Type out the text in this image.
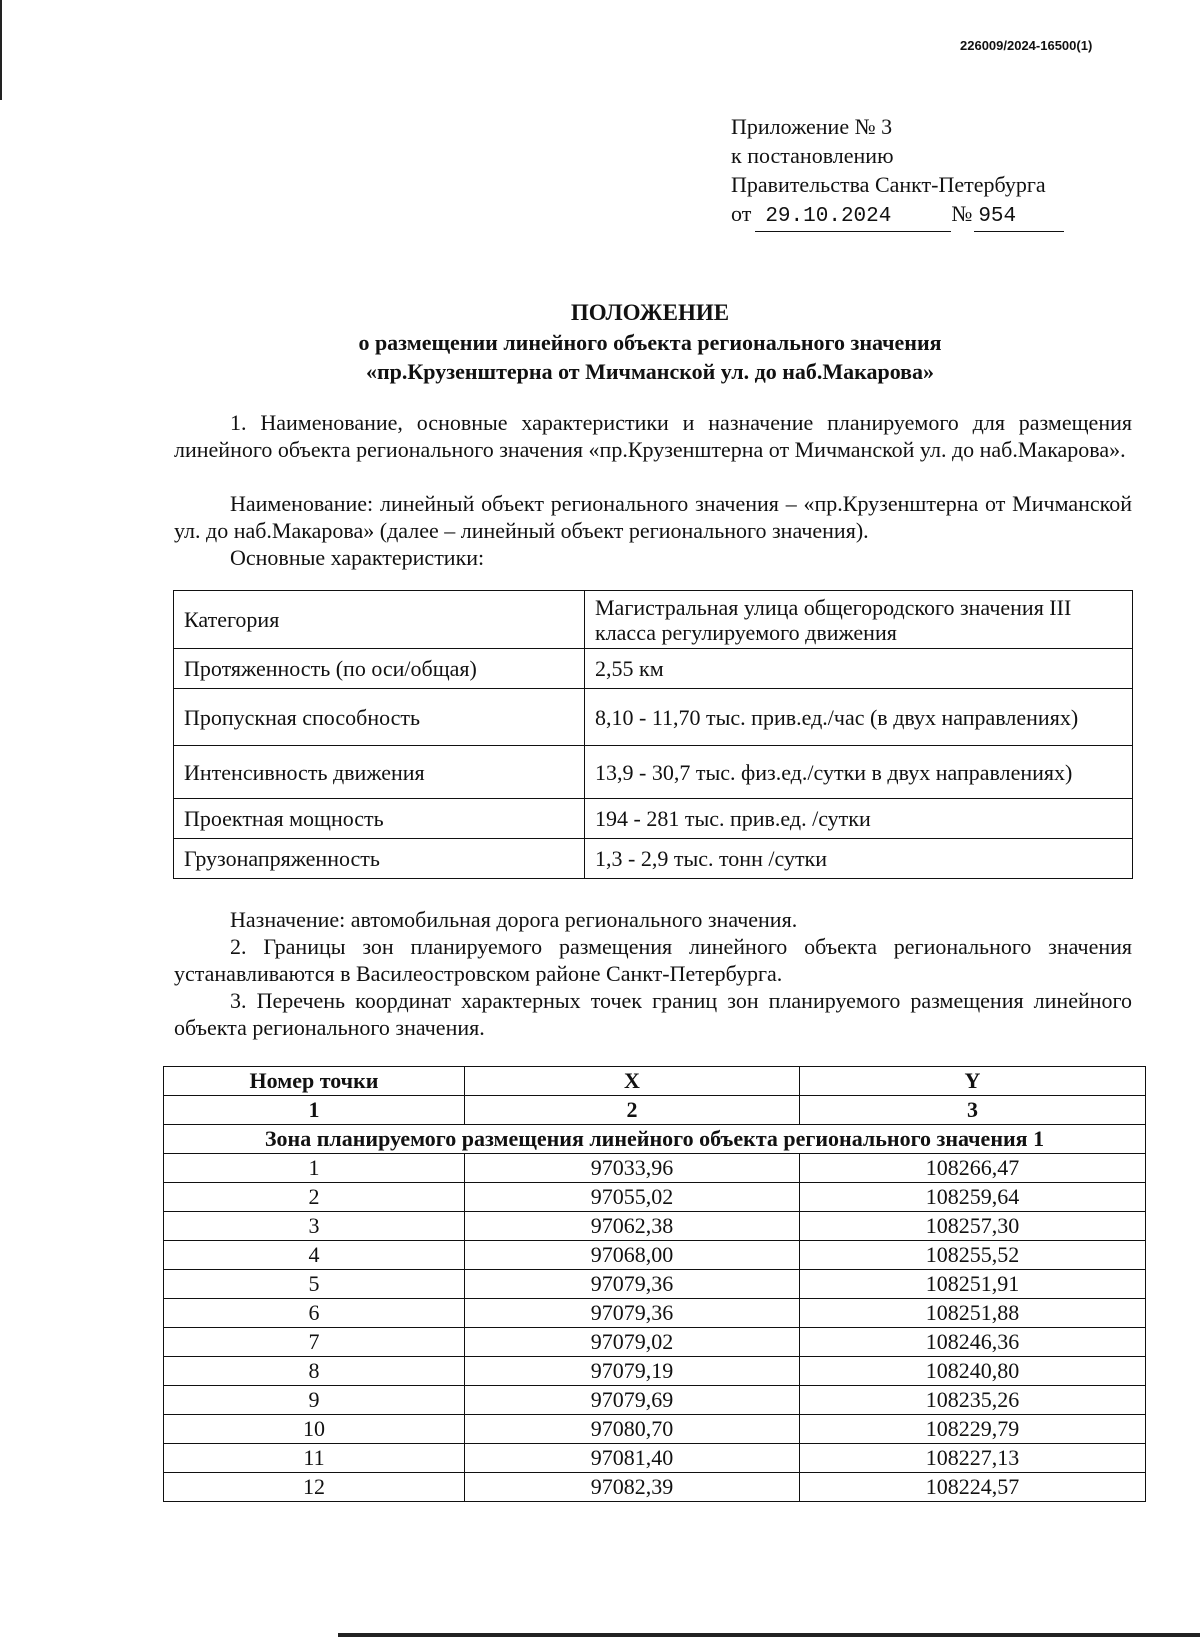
226009/2024-16500(1)
Приложение № 3
к постановлению
Правительства Санкт-Петербурга
от 29.10.2024	№ 954
ПОЛОЖЕНИЕ
о размещении линейного объекта регионального значения
«пр.Крузенштерна от Мичманской ул. до наб.Макарова»
1. Наименование, основные характеристики и назначение планируемого для размещения линейного объекта регионального значения «пр.Крузенштерна от Мичманской ул. до наб.Макарова».
Наименование: линейный объект регионального значения – «пр.Крузенштерна от Мичманской ул. до наб.Макарова» (далее – линейный объект регионального значения).
Основные характеристики:
Категория	Магистральная улица общегородского значения III класса регулируемого движения
Протяженность (по оси/общая)	2,55 км
Пропускная способность	8,10 - 11,70 тыс. прив.ед./час (в двух направлениях)
Интенсивность движения	13,9 - 30,7 тыс. физ.ед./сутки в двух направлениях)
Проектная мощность	194 - 281 тыс. прив.ед. /сутки
Грузонапряженность	1,3 - 2,9 тыс. тонн /сутки
Назначение: автомобильная дорога регионального значения.
2. Границы зон планируемого размещения линейного объекта регионального значения устанавливаются в Василеостровском районе Санкт-Петербурга.
3. Перечень координат характерных точек границ зон планируемого размещения линейного объекта регионального значения.
Номер точки	X	Y
1	2	3
Зона планируемого размещения линейного объекта регионального значения 1		
1	97033,96	108266,47
2	97055,02	108259,64
3	97062,38	108257,30
4	97068,00	108255,52
5	97079,36	108251,91
6	97079,36	108251,88
7	97079,02	108246,36
8	97079,19	108240,80
9	97079,69	108235,26
10	97080,70	108229,79
11	97081,40	108227,13
12	97082,39	108224,57
